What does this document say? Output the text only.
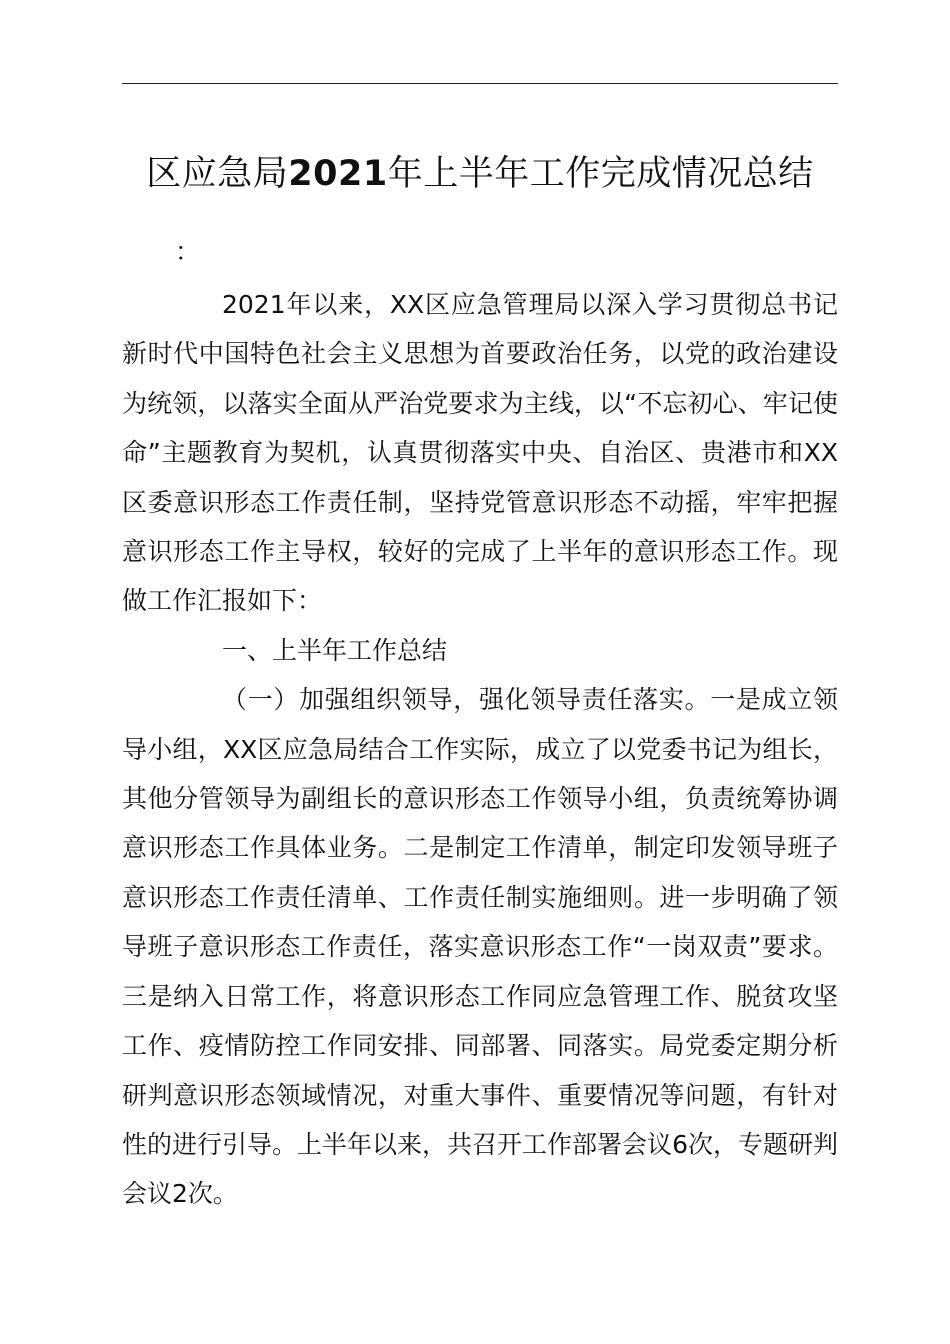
区应急局2021年上半年工作完成情况总结
：

2021年以来，XX区应急管理局以深入学习贯彻总书记新时代中国特色社会主义思想为首要政治任务，以党的政治建设为统领，以落实全面从严治党要求为主线，以“不忘初心、牢记使命”主题教育为契机，认真贯彻落实中央、自治区、贵港市和XX区委意识形态工作责任制，坚持党管意识形态不动摇，牢牢把握意识形态工作主导权，较好的完成了上半年的意识形态工作。现做工作汇报如下：

一、上半年工作总结

（一）加强组织领导，强化领导责任落实。一是成立领导小组，XX区应急局结合工作实际，成立了以党委书记为组长，其他分管领导为副组长的意识形态工作领导小组，负责统筹协调意识形态工作具体业务。二是制定工作清单，制定印发领导班子意识形态工作责任清单、工作责任制实施细则。进一步明确了领导班子意识形态工作责任，落实意识形态工作“一岗双责”要求。三是纳入日常工作，将意识形态工作同应急管理工作、脱贫攻坚工作、疫情防控工作同安排、同部署、同落实。局党委定期分析研判意识形态领域情况，对重大事件、重要情况等问题，有针对性的进行引导。上半年以来，共召开工作部署会议6次，专题研判会议2次。
